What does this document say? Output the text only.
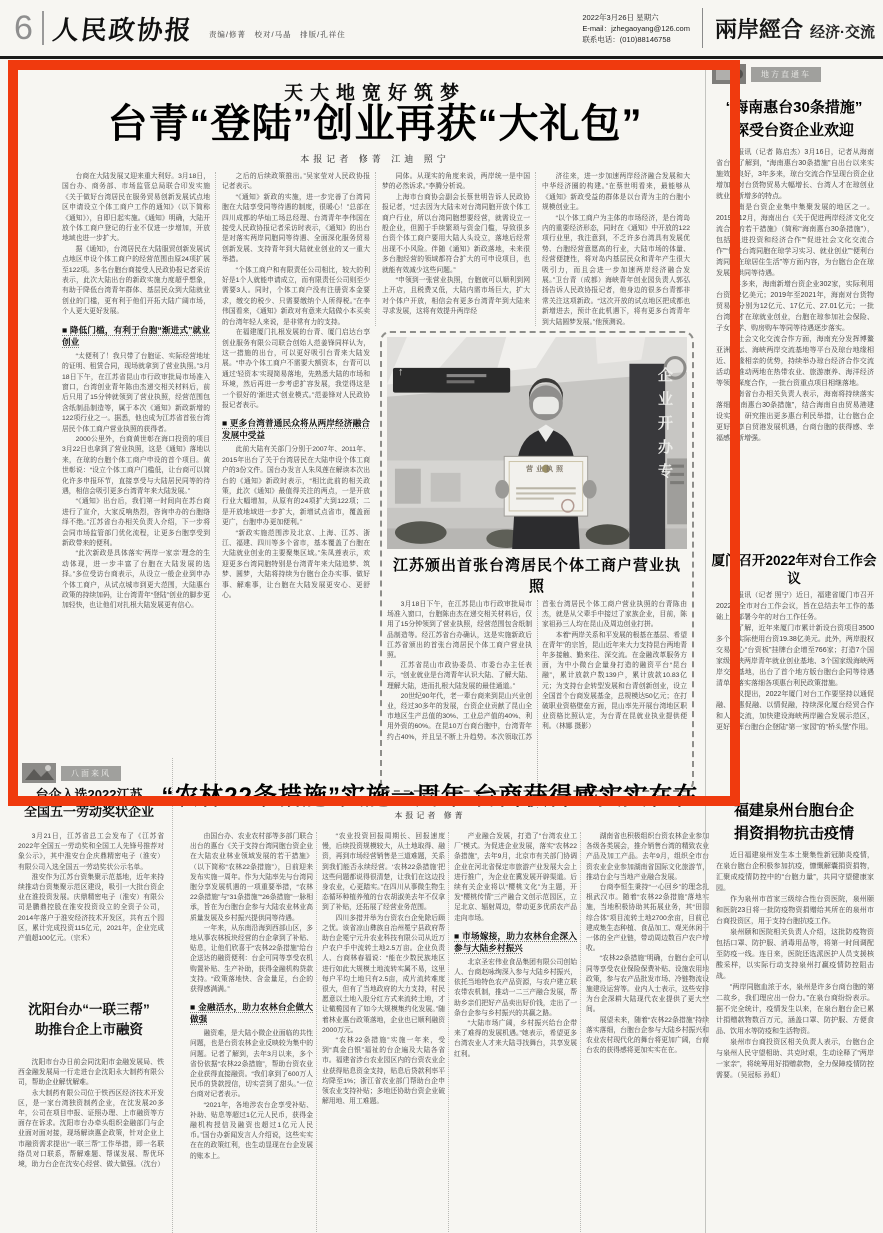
6 人民政协报 责编/修菁　校对/马晶　排版/孔祥住
2022年3月26日 星期六
E-mail：jzhegaoyang@126.com
联系电话：(010)88146758	兩岸經合 经济·交流
天大地宽好筑梦
台青“登陆”创业再获“大礼包”
本报记者 修菁 江迪 照宁

台商在大陆发展又迎来重大利好。3月18日，国台办、商务部、市场监管总局联合印发实施《关于做好台湾居民在服务贸易创新发展试点地区申请设立个体工商户工作的通知》（以下简称《通知》），自即日起实施。《通知》明确，大陆开放个体工商户登记的行业不仅进一步增加，开放地域也进一步扩大。

据《通知》，台湾居民在大陆服贸创新发展试点地区申设个体工商户的经营范围由原24项扩展至122项。多名台胞台商接受人民政协报记者采访表示，此次大陆出台的新政实施力度超乎想象，有助于降低台湾青年群体、基层民众到大陆就业创业的门槛，更有利于他们开拓大陆广阔市场，个人更大更好发展。

■ 降低门槛，有利于台胞“渐进式”就业创业

“太便利了！我只带了台胞证、实际经营地址的证明、租赁合同，现场就拿到了营业执照。”3月18日下午，在江苏省昆山市行政审批局市场准入窗口，台湾创业青年陈由杰递交相关材料后，前后只用了15分钟就领到了营业执照，经营范围包含纸制品制造等，属于本次《通知》新政新增的122项行业之一。据悉，他也成为江苏省首张台湾居民个体工商户营业执照的获得者。

2000公里外，台商黄世彰在海口投资的项目3月22日也拿到了营业执照，这是《通知》落地以来，在琼的台胞个体工商户申设的首个项目。黄世彰说：“设立个体工商户门槛低，让台商可以简化许多申报环节，直接享受与大陆居民同等的待遇，相信会吸引更多台湾青年来大陆发展。”

“《通知》出台后，我们第一时间向在苏台商进行了宣介，大家反响热烈，咨询申办的台胞络绎不绝。”江苏省台办相关负责人介绍，下一步将会同市场监管部门优化流程，让更多台胞享受到新政带来的便利。

“此次新政是具体落实‘两岸一家亲’理念的生动体现，进一步丰富了台胞在大陆发展的选择。”多位受访台商表示，从设立一般企业到申办个体工商户，从试点城市到更大范围，大陆惠台政策的持续加码，让台湾青年“登陆”创业的脚步更加轻快，也让他们对扎根大陆发展更有信心。

之后的后续政策推出。”吴家莹对人民政协报记者表示。

“《通知》新政的实施，进一步完善了台湾同胞在大陆享受同等待遇的制度，很暖心！”总部在四川成都的华灿工场总经理、台湾青年李伟国在接受人民政协报记者采访时表示，《通知》的出台是对落实两岸同胞同等待遇、全面深化服务贸易创新发展、支持青年到大陆就业创业的又一重大举措。

“个体工商户和有限责任公司相比，较大的利好是1个人就能申请成立，而有限责任公司则至少需要3人。同时，个体工商户没有注册资本金要求，缴交的税少、只需要缴纳个人所得税。”在李伟国看来，《通知》新政对有意来大陆做小本买卖的台湾年轻人来说，是非常有力的支持。

在福建厦门扎根发展的台青、厦门启达台享创业服务有限公司联合创始人范姜锋同样认为，这一措施的出台，可以更好吸引台青来大陆发展。“申办个体工商户不需要大额资本，台青可以通过‘轻资本’实现简易落地，先熟悉大陆的市场和环境，然后再进一步考虑扩容发展，我觉得这是一个很好的‘渐进式’创业模式。”范姜锋对人民政协报记者表示。

■ 更多台湾普通民众将从两岸经济融合发展中受益

此前大陆有关部门分别于2007年、2011年、2015年出台了关于台湾居民在大陆申设个体工商户的3份文件。国台办发言人朱凤莲在解读本次出台的《通知》新政时表示，“相比此前的相关政策，此次《通知》最值得关注的两点，一是开放行业大幅增加，从原有的24项扩大到122项；二是开放地域进一步扩大，新增试点省市，覆盖面更广，台胞申办更加便利。”

“新政实施范围涉及北京、上海、江苏、浙江、福建、四川等多个省市，基本覆盖了台胞在大陆就业创业的主要聚集区域。”朱凤莲表示，欢迎更多台湾同胞特别是台湾青年来大陆追梦、筑梦、圆梦，大陆将持续为台胞台企办实事、做好事、解难事，让台胞在大陆发展更安心、更舒心。

同体。从现实的角度来说，两岸统一是中国梦的必然诉求。”李腾分析说。

上海市台商协会副会长蔡世明告诉人民政协报记者，“过去因为大陆未对台湾同胞开放个体工商户行业，所以台湾同胞想要经营，就需设立一般企业，但囿于手续繁琐与资金门槛，导致很多台资个体工商户要用大陆人头设立，落地后经常出现不小风险。伴随《通知》新政落地，未来很多台胞经营的领域都符合扩大的可申设项目，也就能有效减少这些问题。”

“申领到一张营业执照，台胞就可以顺利到网上开店，且税费又低，大陆内需市场巨大，扩大对个体户开放，相信会有更多台湾青年到大陆来寻求发展，这将有效提升两岸经

济往来，进一步加速两岸经济融合发展和大中华经济圈的构建。”在蔡世明看来，最能够从《通知》新政受益的群体是以台青为主的台胞小规模创业主。

“以个体工商户为主体的市场经济，是台湾岛内的重要经济形态，同时在《通知》中开放的122项行业里，我注意到，不乏许多台湾具有发展优势、台胞经营意愿高的行业，大陆市场的体量、经营便捷性，将对岛内基层民众和青年产生很大吸引力，而且会进一步加速两岸经济融合发展。”卫台青（成都）海峡青年创业园负责人郭弘扬告诉人民政协报记者，他身边的很多台青都非常关注这项新政。“这次开放的试点地区把成都也新增进去，预计在此机遇下，将有更多台湾青年到大陆圆梦发展。”他预测说。

↑
营业执照	企业开办专
江苏颁出首张台湾居民个体工商户营业执照

3月18日下午，在江苏昆山市行政审批局市场准入窗口，台胞陈由杰在递交相关材料后，仅用了15分钟领到了营业执照，经营范围包含纸制品制造等。经江苏省台办确认，这是实施新政后江苏省颁出的首张台湾居民个体工商户营业执照。

江苏省昆山市政协委员、市委台办主任表示，“创业就业是台湾青年认识大陆、了解大陆、理解大陆，进而扎根大陆发展的最佳通道。”

20世纪90年代，老一辈台商来到昆山兴业创业，经过30多年的发展，台资企业贡献了昆山全市地区生产总值的30%、工业总产值的40%、利用外资的60%。在昆10万台商台胞中，台湾青年约占40%，并且呈不断上升趋势。本次领取江苏首张台湾居民个体工商户营业执照的台青陈由杰，就是从父辈手中接过了家族企业，目前，陈家祖孙三人均在昆山及周边创业打拼。

本着“两岸关系和平发展的根基在基层、希望在青年”的宗旨，昆山近年来大力支持昆台两地青年多接触、勤来往、深交流。在金融改革服务方面，为中小微台企量身打造的融资平台“昆台融”，累计放款户数139户，累计放款10.83亿元；为支持台企转型发展和台青创新创业，设立全国首个台商发展基金，总规模达50亿元；在打破职业资格壁垒方面，昆山率先开展台湾地区职业资格比照认定，为台青在昆就业执业提供便利。（林娜 摄影）

“农林22条措施”实施一周年 台商获得感实实在在
本报记者 修菁

由国台办、农业农村部等多部门联合出台的惠台《关于支持台湾同胞台资企业在大陆农业林业领域发展的若干措施》（以下简称“农林22条措施”），日前迎来发布实施一周年。作为大陆率先与台湾同胞分享发展机遇的一项重要举措，“农林22条措施”与“31条措施”“26条措施”一脉相承，旨在为台胞台企参与大陆农业林业高质量发展及乡村振兴提供同等待遇。

一年来，从东南沿海到西部山区，多地从事农林板块经营的台企拿到了补贴、贴息，让他们欣喜于“农林22条措施”给台企送达的融资便利：台企可同等享受农机购置补贴、生产补助，获得金融机构贷款支持。“政策落地快、含金量足，台企的获得感满满。”

■ 金融活水，助力农林台企做大做强

融资难，是大陆小微企业面临的共性问题，也是台资农林企业反映较为集中的问题。记者了解到，去年3月以来，多个省份依据“农林22条措施”，帮助台资农业企业获得直接融资。“我们拿到了600万人民币的贷款授信，切实尝到了甜头。”一位台商对记者表示。

“2021年，各地涉农台企享受补贴、补助、贴息等超过1亿元人民币，获得金融机构授信及融资也超过1亿元人民币。”国台办新闻发言人介绍说，这些实实在在的政策红利，也生动显现在台企发展的账本上。

“农业投资回报周期长、回报速度慢，后续投资规模较大，从土地取得、融资，再到市场经营销售是三道难题，关系到我们能否永续经营。‘农林22条措施’把这些问题都说得很清楚，让我们在这边投身农业，心更踏实。”在四川从事微生物生态循环种植养殖的台农胡淑美去年不仅拿到了补贴，还拓展了经营业务范围。

四川多措并举为台资农台企免除后顾之忧。该省凉山彝族自治州冕宁县政府帮助台企冕宁元升农业科技有限公司从近万户农户手中流转土地2.5万亩。企业负责人、台商林春福说：“能在少数民族地区进行如此大规模土地流转实属不易，这里每户平均土地只有2.5亩，成片流转难度很大，但有了当地政府的大力支持，村民愿意以土地入股分红方式来流转土地，才让橄榄园有了如今大规模集约化发展。”随着林业惠台政策落地，企业也已顺利融资2000万元。

“农林22条措施”实施一年来，受到“真金白银”福祉的台企遍及大陆各省市。福建省涉台农业园区内的台资农业企业获得贴息资金支持，贴息后贷款利率平均降至1%；浙江省农业部门帮助台企申领农业支持补贴；多地还协助台资企业破解用地、用工难题。

产业融合发展，打造了“台湾农业工厂”模式。为促进企业发展，落实“农林22条措施”，去年9月，北京市有关部门协调企业在河北省保定市旅游产业发展大会上进行推广，为企业在冀发展开辟渠道。后续有关企业将以“樱桃文化”为主题，开发“樱桃传情”三产融合文创示范园区，立足北京、辐射周边，带动更多优质农产品走向市场。

■ 市场嫁接，助力农林台企深入参与大陆乡村振兴

北京圣宏伟业食品集团有限公司创始人、台商赵咏绚深入参与大陆乡村振兴，依托当地特色农产品资源，与农户建立联农带农机制，推动一二三产融合发展，帮助乡亲们把好产品卖出好价钱，走出了一条台企参与乡村振兴的共赢之路。

“大陆市场广阔，乡村振兴给台企带来了难得的发展机遇。”她表示，希望更多台湾农业人才来大陆寻找舞台，共享发展红利。

湖南省也积极组织台资农林企业参加各级各类展会，推介销售台湾的精致农业产品及加工产品。去年9月，组织全市台资农业企业参加湖南省国际文化旅游节，推动台企与当地产业融合发展。

台商李恒生秉持“一心回乡”的理念扎根武汉市。随着“农林22条措施”落地实施，当地积极协助其拓展业务，其“田园综合体”项目流转土地2700余亩，目前已建成集生态种植、食品加工、观光休闲于一体的全产业链，带动周边数百户农户增收。

“农林22条措施”明确，台胞台企可以同等享受农业保险保费补贴、设施农用地政策，参与农产品批发市场、冷链物流设施建设运营等。业内人士表示，这些安排为台企深耕大陆现代农业提供了更大空间。

展望未来，随着“农林22条措施”持续落实落细，台胞台企参与大陆乡村振兴和农业农村现代化的舞台将更加广阔，台商台农的获得感将更加实实在在。

八面来风
台企入选2022江苏
全国五一劳动奖状企业

3月21日，江苏省总工会发布了《江苏省2022年全国五一劳动奖和全国工人先锋号推荐对象公示》，其中淮安台企庆鼎精密电子（淮安）有限公司入选全国五一劳动奖状公示名单。

淮安作为江苏台资集聚示范基地，近年来持续推动台资集聚示范区建设，吸引一大批台资企业在淮投资发展。庆鼎精密电子（淮安）有限公司是鹏鼎控股在淮安投资设立的全资子公司，2014年落户于淮安经济技术开发区，共有五个园区，累计完成投资115亿元，2021年，企业完成产值超100亿元。（宗禾）

沈阳台办“一联三帮”
助推台企上市融资

沈阳市台办日前会同沈阳市金融发展局、铁西金融发展局一行走进台企沈阳永大制药有限公司，帮助企业解忧解难。

永大制药有限公司位于铁西区经济技术开发区，是一家台湾独资制药企业，在沈发展20多年，公司在项目申报、证照办理、上市融资等方面存在诉求。沈阳市台办牵头组织金融部门与企业面对面对接，现场解读惠企政策，针对企业上市融资需求提出“一联三帮”工作举措，即一名联络员对口联系，帮解难题、帮谋发展、帮优环境，助力台企在沈安心经营、做大做强。（沈台）

地方直通车
“海南惠台30条措施”
深受台资企业欢迎

本报讯（记者 陈启杰）3月16日，记者从海南省台办了解到，“海南惠台30条措施”自出台以来实施效果良好，3年多来，琼台交流合作呈现台资企业增加、对台货物贸易大幅增长、台湾人才在琼创业就业不断增多的特点。

海南是台资企业集中集聚发展的地区之一。2019年12月，海南出台《关于促进两岸经济文化交流合作的若干措施》（简称“海南惠台30条措施”），包括“促进投资和经济合作”“促进社会文化交流合作”“促进台湾同胞在琼学习实习、就业创业”“便利台湾同胞在琼居住生活”等方面内容，为台胞台企在琼发展提供同等待遇。

3年多来，海南新增台资企业302家，实际利用台资超2亿美元；2019年至2021年，海南对台货物贸易额分别为12亿元、17亿元、27.01亿元；一批台湾人才在琼就业创业，台胞在琼参加社会保险、子女入学、购房购车等同等待遇逐步落实。

在社会文化交流合作方面，海南充分发挥博鳌亚洲论坛、海峡两岸交流基地等平台及琼台地缘相近、血缘相亲的优势，持续举办琼台经济合作交流活动，推动两地在热带农业、旅游康养、海洋经济等领域深度合作，一批台资重点项目相继落地。

海南省台办相关负责人表示，海南将持续落实落细“海南惠台30条措施”，结合海南自由贸易港建设实际，研究推出更多惠台利民举措，让台胞台企更好共享自贸港发展机遇，台商台胞的获得感、幸福感不断增强。

厦门召开2022年对台工作会议

本报讯（记者 照宁）近日，福建省厦门市召开2022年全市对台工作会议，旨在总结去年工作的基础上，部署今年的对台工作任务。

据了解，近年来厦门市累计新设台资项目3500多个，实际使用台资19.38亿美元。此外，两岸股权交易中心“台资板”挂牌台企增至766家；打造7个国家级海峡两岸青年就业创业基地、3个国家级海峡两岸交流基地，出台了首个地方版台胞台企同等待遇清单，落实落细各项惠台利民政策措施。

会议提出，2022年厦门对台工作要坚持以通促融、以惠促融、以情促融，持续深化厦台经贸合作和人文交流，加快建设海峡两岸融合发展示范区，更好发挥台胞台企登陆“第一家园”的“桥头堡”作用。

福建泉州台胞台企
捐资捐物抗击疫情

近日福建泉州发生本土聚集性新冠肺炎疫情，在泉台胞台企积极参加抗疫，慷慨解囊捐资捐物，汇聚成疫情防控中的“台胞力量”，共同守望健康家园。

作为泉州市首家三级综合性台资医院，泉州颐和医院23日将一批防疫物资捐赠给其所在的泉州市台商投资区，用于支持台胞抗疫工作。

泉州颐和医院相关负责人介绍，这批防疫物资包括口罩、防护服、消毒用品等，将第一时间调配至防疫一线。连日来，医院还选派医护人员支援核酸采样，以实际行动支持泉州打赢疫情防控阻击战。

“两岸同胞血浓于水，泉州是许多台商台胞的第二故乡，我们理应出一份力。”在泉台商纷纷表示。据不完全统计，疫情发生以来，在泉台胞台企已累计捐赠款物数百万元，涵盖口罩、防护服、方便食品、饮用水等防疫和生活物资。

泉州市台商投资区相关负责人表示，台胞台企与泉州人民守望相助、共克时艰，生动诠释了“两岸一家亲”，将统筹用好捐赠款物，全力保障疫情防控需要。（吴冠标 孙虹）
